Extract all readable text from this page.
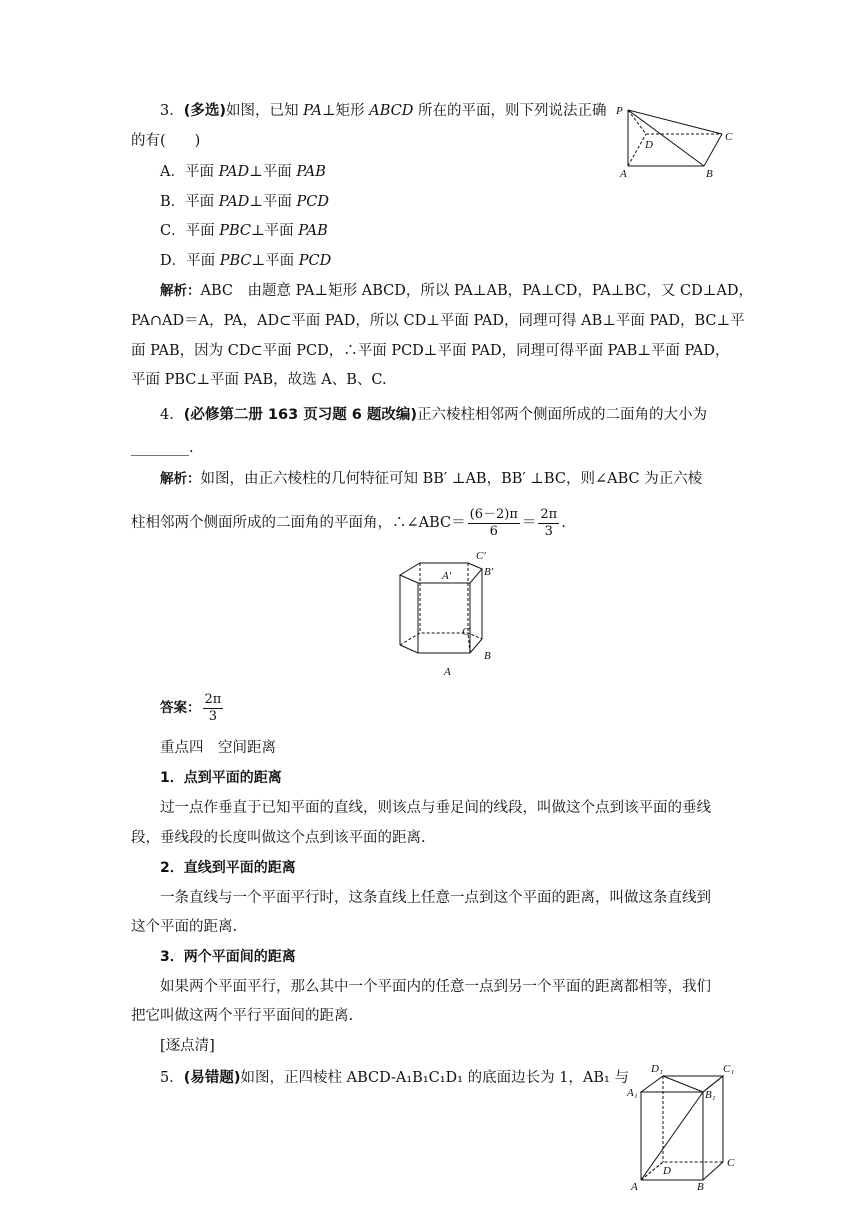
3．(多选)如图，已知 PA⊥矩形 ABCD 所在的平面，则下列说法正确
的有(　　)
A．平面 PAD⊥平面 PAB
B．平面 PAD⊥平面 PCD
C．平面 PBC⊥平面 PAB
D．平面 PBC⊥平面 PCD
解析：ABC　由题意 PA⊥矩形 ABCD，所以 PA⊥AB，PA⊥CD，PA⊥BC，又 CD⊥AD，
PA∩AD＝A，PA，AD⊂平面 PAD，所以 CD⊥平面 PAD，同理可得 AB⊥平面 PAD，BC⊥平
面 PAB，因为 CD⊂平面 PCD，∴平面 PCD⊥平面 PAD，同理可得平面 PAB⊥平面 PAD，
平面 PBC⊥平面 PAB，故选 A、B、C.
P
D
C
A	B
4．(必修第二册 163 页习题 6 题改编)正六棱柱相邻两个侧面所成的二面角的大小为
________.
解析：如图，由正六棱柱的几何特征可知 BB′ ⊥AB，BB′ ⊥BC，则∠ABC 为正六棱
柱相邻两个侧面所成的二面角的平面角，∴∠ABC＝ $\frac{(6-2)\pi}{6} = \frac{2\pi}{3}$ .
C′
A′	B′
C
B
A
答案： $\frac{2\pi}{3}$
重点四　空间距离
1．点到平面的距离
过一点作垂直于已知平面的直线，则该点与垂足间的线段，叫做这个点到该平面的垂线
段，垂线段的长度叫做这个点到该平面的距离.
2．直线到平面的距离
一条直线与一个平面平行时，这条直线上任意一点到这个平面的距离，叫做这条直线到
这个平面的距离.
3．两个平面间的距离
如果两个平面平行，那么其中一个平面内的任意一点到另一个平面的距离都相等，我们
把它叫做这两个平行平面间的距离.
[逐点清]
5．(易错题)如图，正四棱柱 ABCD-A₁B₁C₁D₁ 的底面边长为 1，AB₁ 与
D₁	C₁
A₁	B₁
D
C
A	B
